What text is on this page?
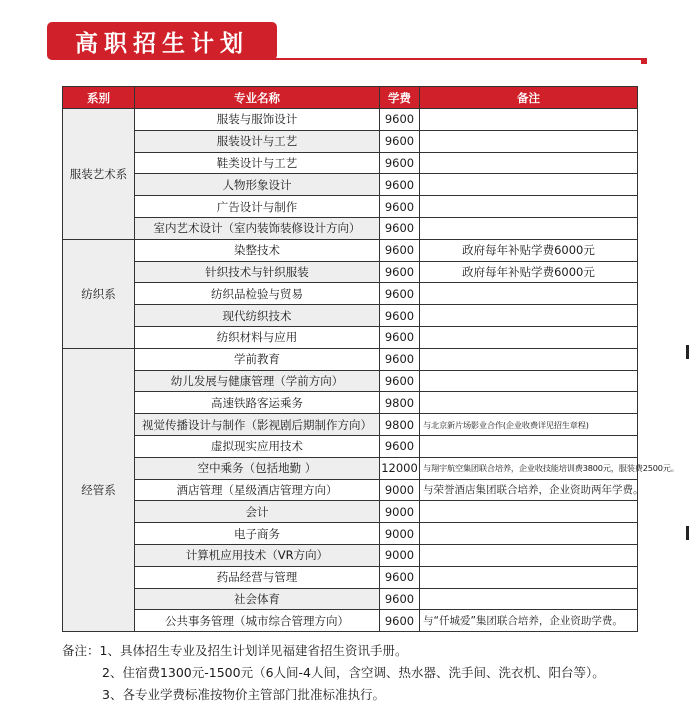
高职招生计划
系别	专业名称	学费	备注
服装艺术系	服装与服饰设计	9600	
	服装设计与工艺	9600	
	鞋类设计与工艺	9600	
	人物形象设计	9600	
	广告设计与制作	9600	
	室内艺术设计（室内装饰装修设计方向）	9600	
纺织系	染整技术	9600	政府每年补贴学费6000元
	针织技术与针织服装	9600	政府每年补贴学费6000元
	纺织品检验与贸易	9600	
	现代纺织技术	9600	
	纺织材料与应用	9600	
经管系	学前教育	9600	
	幼儿发展与健康管理（学前方向）	9600	
	高速铁路客运乘务	9800	
	视觉传播设计与制作（影视剧后期制作方向）	9800	与北京新片场影业合作(企业收费详见招生章程)
	虚拟现实应用技术	9600	
	空中乘务（包括地勤 ）	12000	与翔宇航空集团联合培养，企业收技能培训费3800元，服装费2500元。
	酒店管理（星级酒店管理方向）	9000	与荣誉酒店集团联合培养，企业资助两年学费。
	会计	9000	
	电子商务	9000	
	计算机应用技术（VR方向）	9000	
	药品经营与管理	9600	
	社会体育	9600	
	公共事务管理（城市综合管理方向）	9600	与“仟城爱”集团联合培养，企业资助学费。
备注：1、具体招生专业及招生计划详见福建省招生资讯手册。
2、住宿费1300元-1500元（6人间-4人间，含空调、热水器、洗手间、洗衣机、阳台等）。
3、各专业学费标准按物价主管部门批准标准执行。
